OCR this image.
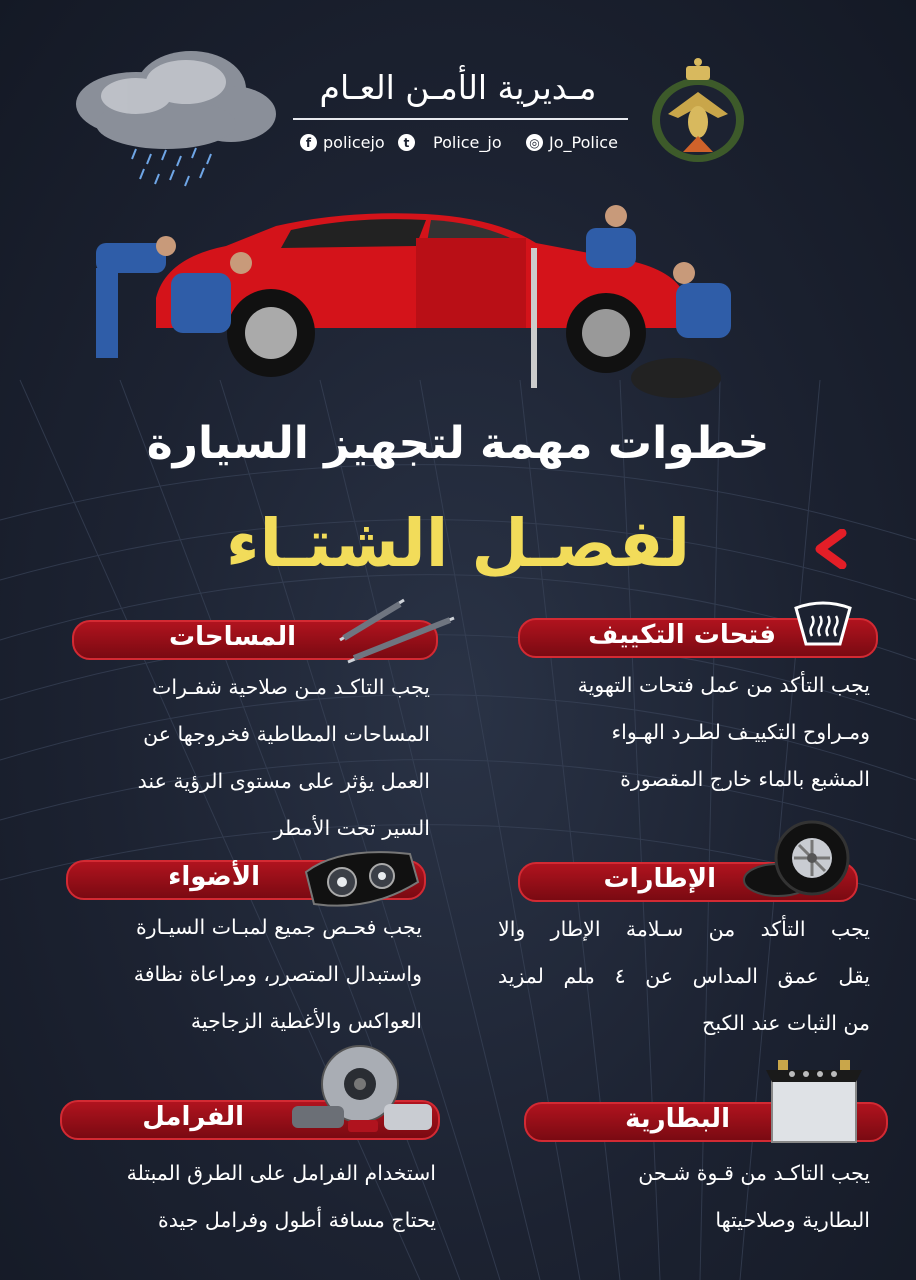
مـديرية الأمـن العـام
f policejo	t	Police_jo ◎ Jo_Police
خطوات مهمة لتجهيز السيارة
لفصـل الشتـاء
فتحات التكييف
يجب التأكد من عمل فتحات التهوية
ومـراوح التكييـف لطـرد الهـواء
المشبع بالماء خارج المقصورة
الإطارات
يجب التأكد من سـلامة الإطار والا
يقل عمق المداس عن ٤ ملم لمزيد
من الثبات عند الكبح
البطارية
يجب التاكـد من قـوة شـحن
البطارية وصلاحيتها
المساحات
يجب التاكـد مـن صلاحية شفـرات
المساحات المطاطية فخروجها عن
العمل يؤثر على مستوى الرؤية عند
السير تحت الأمطر
الأضواء
يجب فحـص جميع لمبـات السيـارة
واستبدال المتصرر، ومراعاة نظافة
العواكس والأغطية الزجاجية
الفرامل
استخدام الفرامل على الطرق المبتلة
يحتاج مسافة أطول وفرامل جيدة
